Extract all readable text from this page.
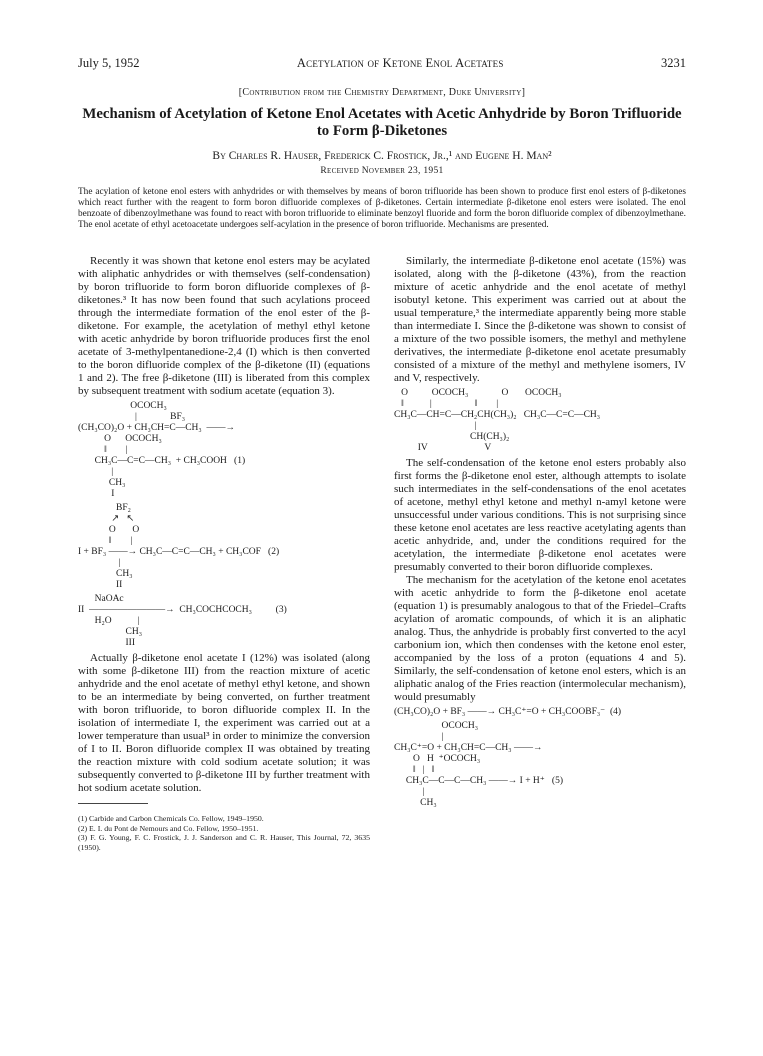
July 5, 1952	Acetylation of Ketone Enol Acetates	3231
[Contribution from the Chemistry Department, Duke University]
Mechanism of Acetylation of Ketone Enol Acetates with Acetic Anhydride by Boron Trifluoride to Form β-Diketones
By Charles R. Hauser, Frederick C. Frostick, Jr.,¹ and Eugene H. Man²
Received November 23, 1951
The acylation of ketone enol esters with anhydrides or with themselves by means of boron trifluoride has been shown to produce first enol esters of β-diketones which react further with the reagent to form boron difluoride complexes of β-diketones. Certain intermediate β-diketone enol esters were isolated. The enol benzoate of dibenzoylmethane was found to react with boron trifluoride to eliminate benzoyl fluoride and form the boron difluoride complex of dibenzoylmethane. The enol acetate of ethyl acetoacetate undergoes self-acylation in the presence of boron trifluoride. Mechanisms are presented.

Recently it was shown that ketone enol esters may be acylated with aliphatic anhydrides or with themselves (self-condensation) by boron trifluoride to form boron difluoride complexes of β-diketones.³ It has now been found that such acylations proceed through the intermediate formation of the enol ester of the β-diketone. For example, the acetylation of methyl ethyl ketone with acetic anhydride by boron trifluoride produces first the enol acetate of 3-methylpentanedione-2,4 (I) which is then converted to the boron difluoride complex of the β-diketone (II) (equations 1 and 2). The free β-diketone (III) is liberated from this complex by subsequent treatment with sodium acetate (equation 3).

OCOCH₃
|              BF₃
(CH₃CO)₂O + CH₃CH=C—CH₃  ——→
O      OCOCH₃
‖        |
CH₃C—C=C—CH₃  + CH₃COOH   (1)
|
CH₃
I
BF₂
↗   ↖
O       O
‖        |
I + BF₃ ——→ CH₃C—C=C—CH₃ + CH₃COF   (2)
|
CH₃
II
NaOAc
II  ————————→  CH₃COCHCOCH₃          (3)
H₂O           |
CH₃
III

Actually β-diketone enol acetate I (12%) was isolated (along with some β-diketone III) from the reaction mixture of acetic anhydride and the enol acetate of methyl ethyl ketone, and shown to be an intermediate by being converted, on further treatment with boron trifluoride, to boron difluoride complex II. In the isolation of intermediate I, the experiment was carried out at a lower temperature than usual³ in order to minimize the conversion of I to II. Boron difluoride complex II was obtained by treating the reaction mixture with cold sodium acetate solution; it was subsequently converted to β-diketone III by further treatment with hot sodium acetate solution.

(1) Carbide and Carbon Chemicals Co. Fellow, 1949–1950.
(2) E. I. du Pont de Nemours and Co. Fellow, 1950–1951.
(3) F. G. Young, F. C. Frostick, J. J. Sanderson and C. R. Hauser, This Journal, 72, 3635 (1950).

Similarly, the intermediate β-diketone enol acetate (15%) was isolated, along with the β-diketone (43%), from the reaction mixture of acetic anhydride and the enol acetate of methyl isobutyl ketone. This experiment was carried out at about the usual temperature,³ the intermediate apparently being more stable than intermediate I. Since the β-diketone was shown to consist of a mixture of the two possible isomers, the methyl and methylene derivatives, the intermediate β-diketone enol acetate presumably consisted of a mixture of the methyl and methylene isomers, IV and V, respectively.

O          OCOCH₃              O       OCOCH₃
‖           |                  ‖        |
CH₃C—CH=C—CH₂CH(CH₃)₂   CH₃C—C=C—CH₃
|
CH(CH₃)₂
IV                        V

The self-condensation of the ketone enol esters probably also first forms the β-diketone enol ester, although attempts to isolate such intermediates in the self-condensations of the enol acetates of acetone, methyl ethyl ketone and methyl n-amyl ketone were unsuccessful under various conditions. This is not surprising since these ketone enol acetates are less reactive acetylating agents than acetic anhydride, and, under the conditions required for the acetylation, the intermediate β-diketone enol acetates were presumably converted to their boron difluoride complexes.

The mechanism for the acetylation of the ketone enol acetates with acetic anhydride to form the β-diketone enol acetate (equation 1) is presumably analogous to that of the Friedel–Crafts acylation of aromatic compounds, of which it is an aliphatic analog. Thus, the anhydride is probably first converted to the acyl carbonium ion, which then condenses with the ketone enol ester, accompanied by the loss of a proton (equations 4 and 5). Similarly, the self-condensation of ketone enol esters, which is an aliphatic analog of the Fries reaction (intermolecular mechanism), would presumably

(CH₃CO)₂O + BF₃ ——→ CH₃C⁺=O + CH₃COOBF₃⁻  (4)
OCOCH₃
|
CH₃C⁺=O + CH₃CH=C—CH₃ ——→
O   H  ⁺OCOCH₃
‖   |   ‖
CH₃C—C—C—CH₃ ——→ I + H⁺   (5)
|
CH₃
